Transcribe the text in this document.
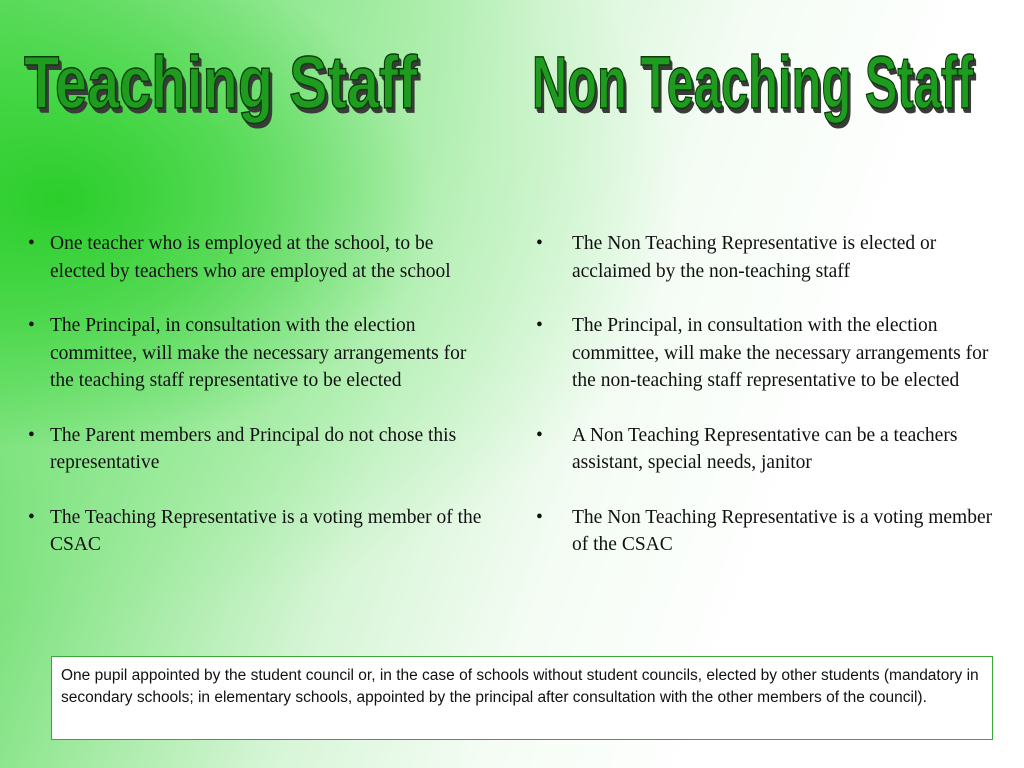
Teaching Staff Non Teaching Staff

• One teacher who is employed at the school, to be elected by teachers who are employed at the school

• The Principal, in consultation with the election committee, will make the necessary arrangements for the teaching staff representative to be elected

• The Parent members and Principal do not chose this representative

• The Teaching Representative is a voting member of the CSAC

• The Non Teaching Representative is elected or acclaimed by the non-teaching staff

• The Principal, in consultation with the election committee, will make the necessary arrangements for the non-teaching staff representative to be elected

• A Non Teaching Representative can be a teachers assistant, special needs, janitor

• The Non Teaching Representative is a voting member of the CSAC

One pupil appointed by the student council or, in the case of schools without student councils, elected by other students (mandatory in secondary schools; in elementary schools, appointed by the principal after consultation with the other members of the council).
